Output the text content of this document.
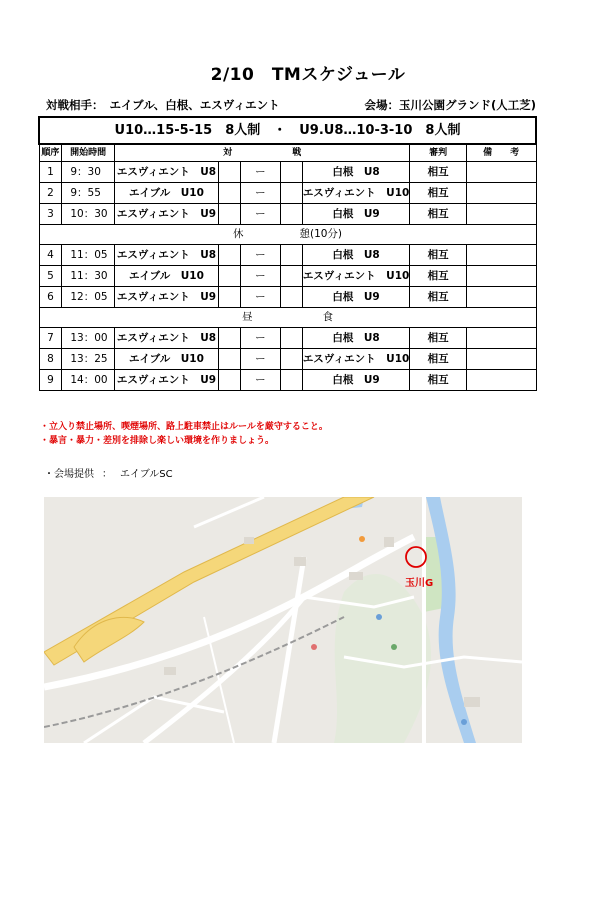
2/10　TMスケジュール
対戦相手： エイブル、白根、エスヴィエント	会場：玉川公園グランド(人工芝)
U10…15-5-15　8人制　・　U9.U8…10-3-10　8人制								
順序	開始時間	対 戦					審判	備 考
1	9：30	エスヴィエント　U8		ー		白根　U8	相互	
2	9：55	エイブル　U10		ー		エスヴィエント　U10	相互	
3	10：30	エスヴィエント　U9		ー		白根　U9	相互	
休 憩(10分)								
4	11：05	エスヴィエント　U8		ー		白根　U8	相互	
5	11：30	エイブル　U10		ー		エスヴィエント　U10	相互	
6	12：05	エスヴィエント　U9		ー		白根　U9	相互	
昼 食								
7	13：00	エスヴィエント　U8		ー		白根　U8	相互	
8	13：25	エイブル　U10		ー		エスヴィエント　U10	相互	
9	14：00	エスヴィエント　U9		ー		白根　U9	相互	
・立入り禁止場所、喫煙場所、路上駐車禁止はルールを厳守すること。
・暴言・暴力・差別を排除し楽しい環境を作りましょう。
・会場提供 ： エイブルSC
玉川G
